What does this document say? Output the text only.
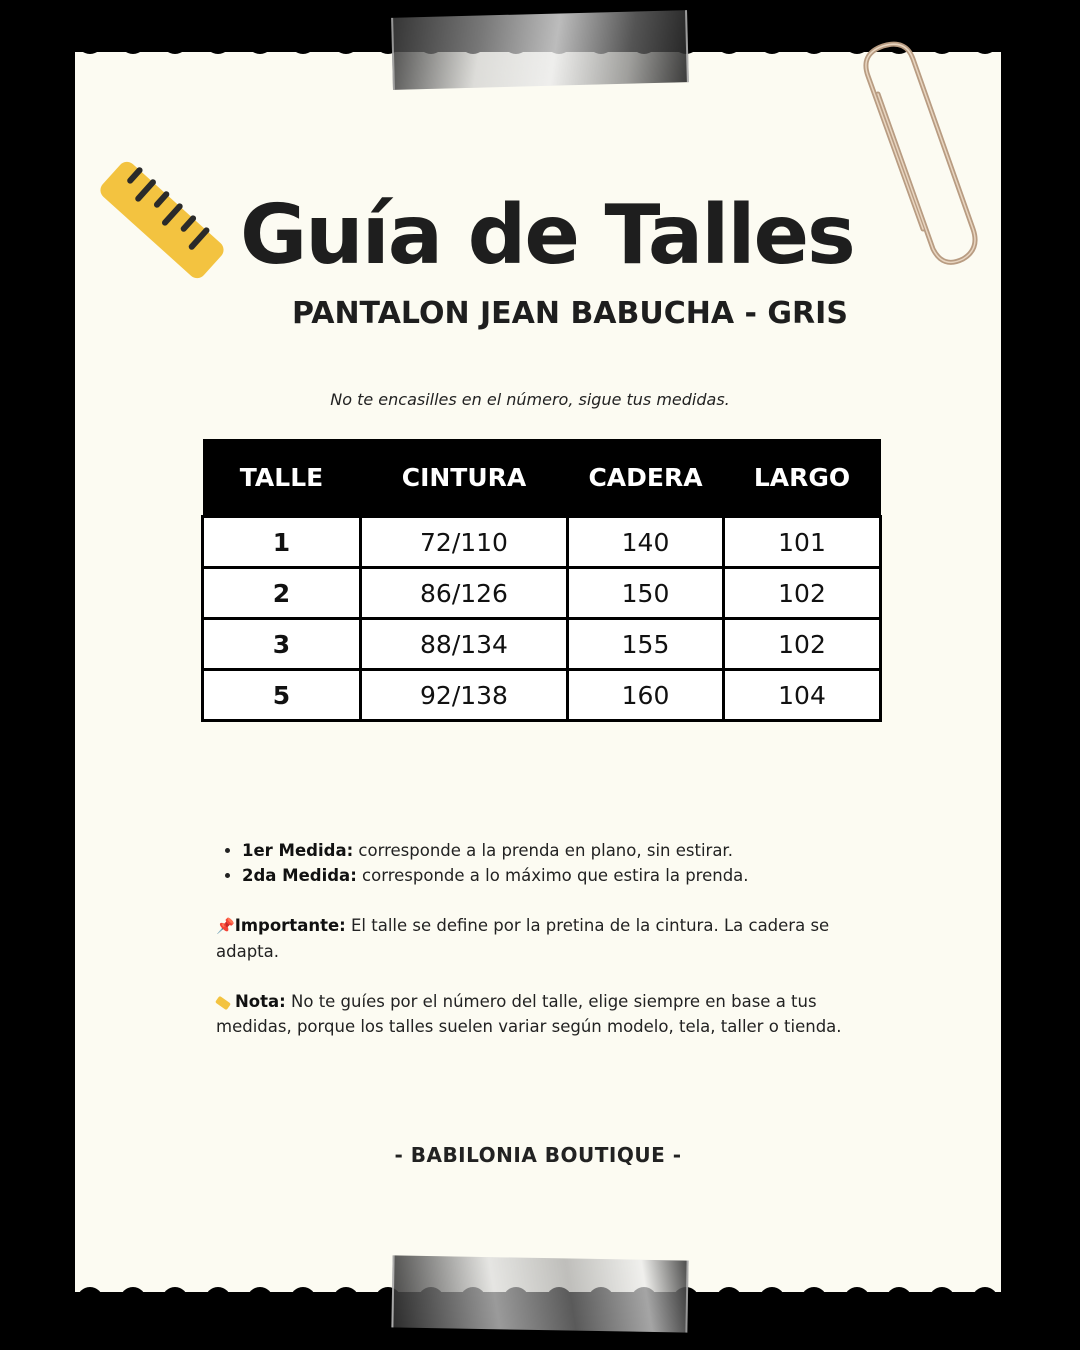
Guía de Talles
PANTALON JEAN BABUCHA - GRIS
No te encasilles en el número, sigue tus medidas.
TALLE	CINTURA	CADERA	LARGO
1	72/110	140	101
2	86/126	150	102
3	88/134	155	102
5	92/138	160	104
• 1er Medida: corresponde a la prenda en plano, sin estirar.
• 2da Medida: corresponde a lo máximo que estira la prenda.

📌Importante: El talle se define por la pretina de la cintura. La cadera se adapta.

Nota: No te guíes por el número del talle, elige siempre en base a tus medidas, porque los talles suelen variar según modelo, tela, taller o tienda.

- BABILONIA BOUTIQUE -
